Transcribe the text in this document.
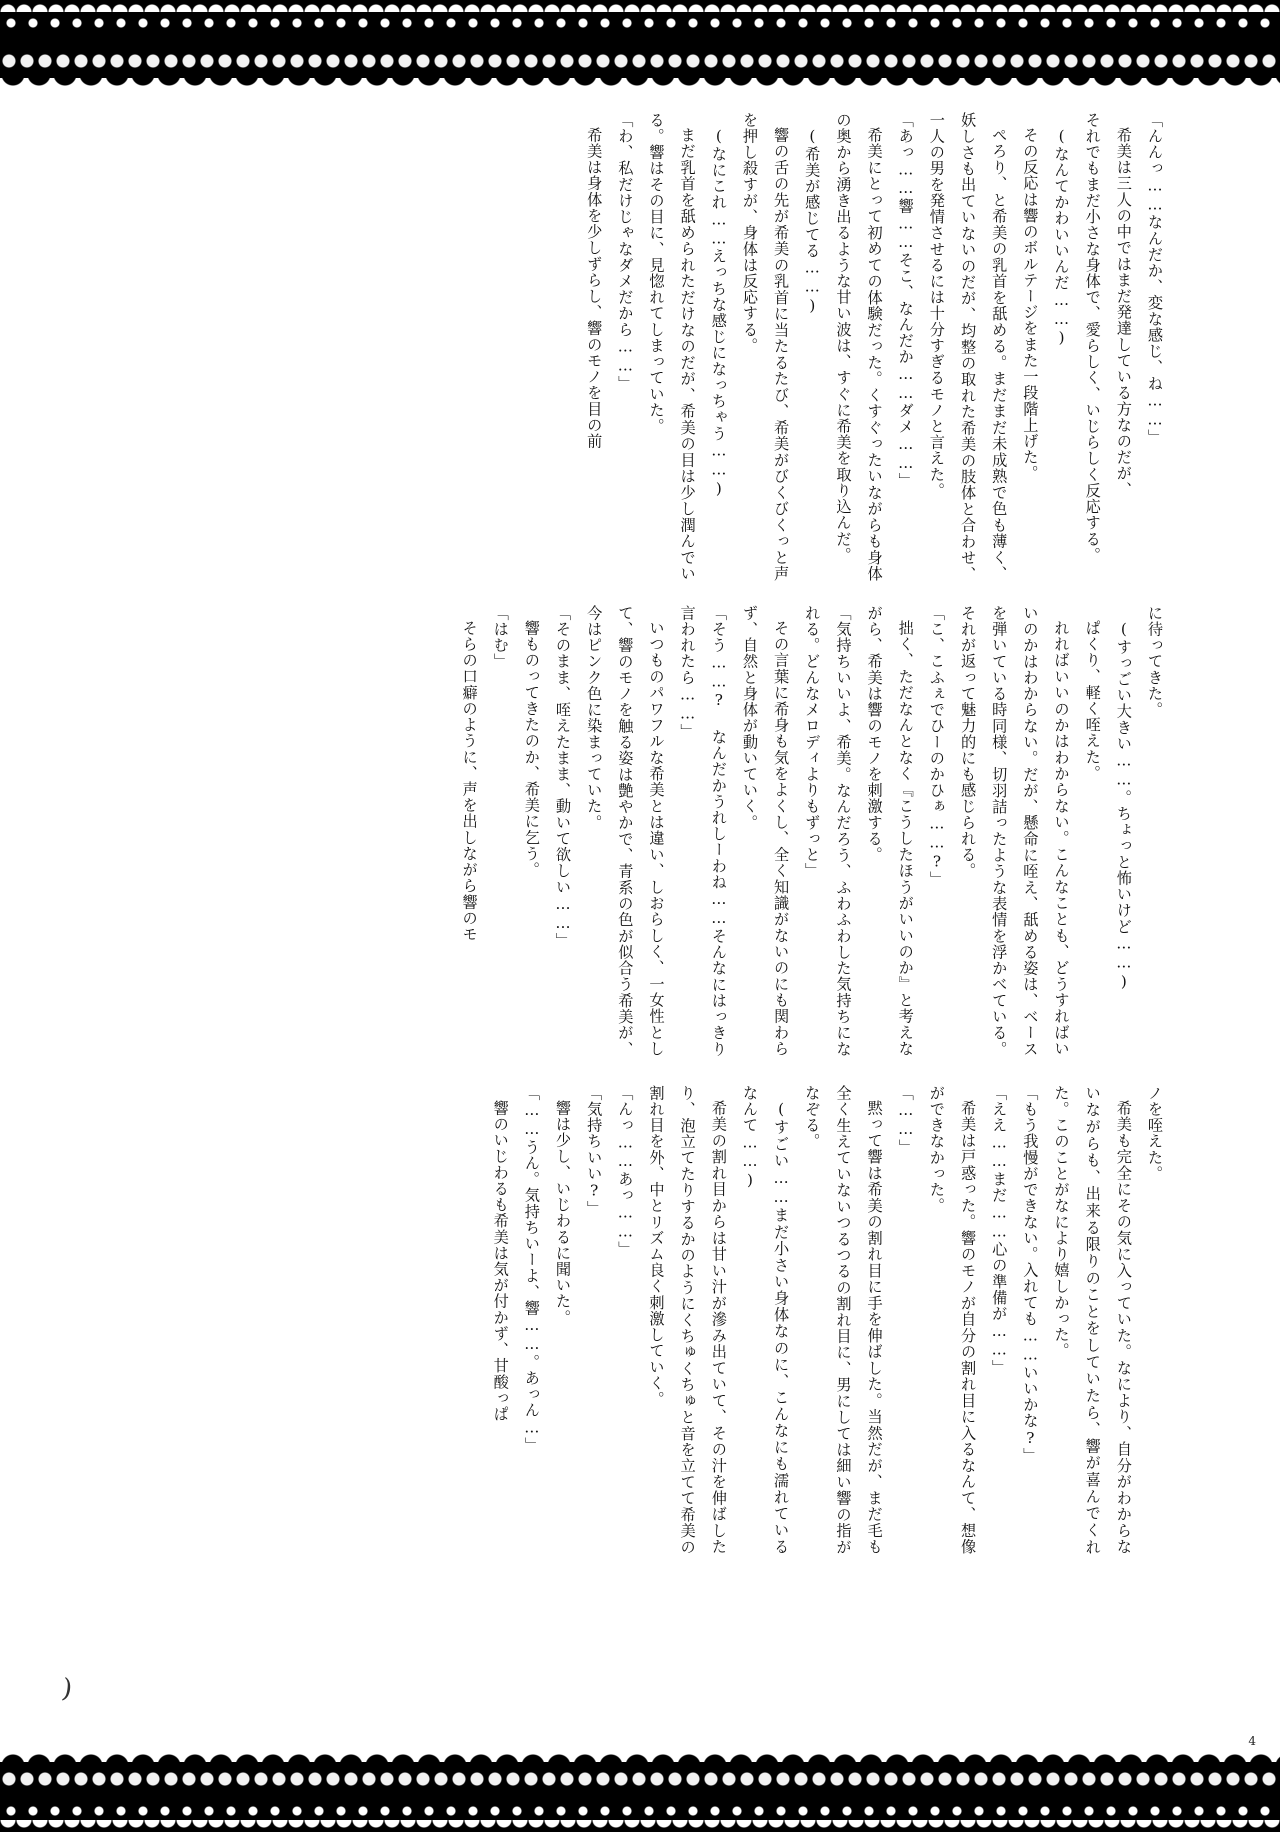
「んんっ……なんだか、変な感じ、ね……」

希美は三人の中ではまだ発達している方なのだが、

それでもまだ小さな身体で、愛らしく、いじらしく反応する。

(なんてかわいいんだ……)

その反応は響のボルテージをまた一段階上げた。

ぺろり、と希美の乳首を舐める。まだまだ未成熟で色も薄く、妖しさも出ていないのだが、均整の取れた希美の肢体と合わせ、一人の男を発情させるには十分すぎるモノと言えた。

「あっ……響……そこ、なんだか……ダメ……」

希美にとって初めての体験だった。くすぐったいながらも身体の奥から湧き出るような甘い波は、すぐに希美を取り込んだ。

(希美が感じてる……)

響の舌の先が希美の乳首に当たるたび、希美がびくびくっと声を押し殺すが、身体は反応する。

(なにこれ……えっちな感じになっちゃう……)

まだ乳首を舐められただけなのだが、希美の目は少し潤んでいる。響はその目に、見惚れてしまっていた。

「わ、私だけじゃなダメだから……」

希美は身体を少しずらし、響のモノを目の前

に待ってきた。

(すっごい大きい……。ちょっと怖いけど……)

ぱくり、軽く咥えた。

れればいいのかはわからない。こんなことも、どうすればいいのかはわからない。だが、懸命に咥え、舐める姿は、ベースを弾いている時同様、切羽詰ったような表情を浮かべている。それが返って魅力的にも感じられる。

「こ、こふぇでひーのかひぁ……?」

拙く、ただなんとなく『こうしたほうがいいのか』と考えながら、希美は響のモノを刺激する。

「気持ちいいよ、希美。なんだろう、ふわふわした気持ちになれる。どんなメロディよりもずっと」

その言葉に希身も気をよくし、全く知識がないのにも関わらず、自然と身体が動いていく。

「そう……? なんだかうれしーわね……そんなにはっきり言われたら……」

いつものパワフルな希美とは違い、しおらしく、一女性として、響のモノを触る姿は艶やかで、青系の色が似合う希美が、今はピンク色に染まっていた。

「そのまま、咥えたまま、動いて欲しい……」

響ものってきたのか、希美に乞う。

「はむ」

そらの口癖のように、声を出しながら響のモ

ノを咥えた。

希美も完全にその気に入っていた。なにより、自分がわからないながらも、出来る限りのことをしていたら、響が喜んでくれた。このことがなにより嬉しかった。

「もう我慢ができない。入れても……いいかな?」

「ええ……まだ……心の準備が……」

希美は戸惑った。響のモノが自分の割れ目に入るなんて、想像ができなかった。

「……」

黙って響は希美の割れ目に手を伸ばした。当然だが、まだ毛も全く生えていないつるつるの割れ目に、男にしては細い響の指がなぞる。

(すごい……まだ小さい身体なのに、こんなにも濡れているなんて……)

希美の割れ目からは甘い汁が滲み出ていて、その汁を伸ばしたり、泡立てたりするかのようにくちゅくちゅと音を立てて希美の割れ目を外、中とリズム良く刺激していく。

「んっ……あっ……」

「気持ちいい?」

響は少し、いじわるに聞いた。

「……うん。気持ちいーよ、響……。あっん…」

響のいじわるも希美は気が付かず、甘酸っぱ

)
